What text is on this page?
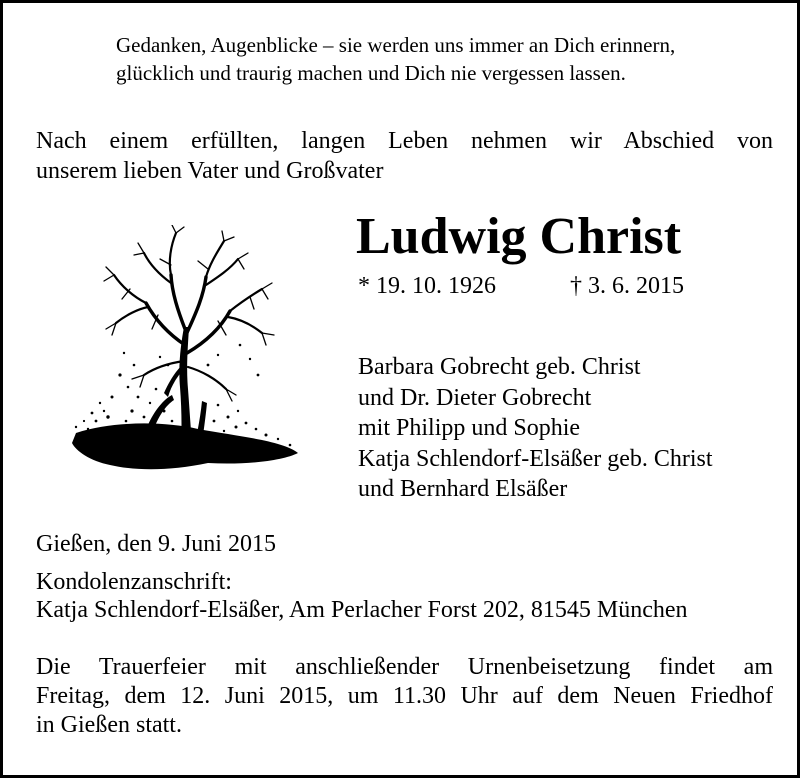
Gedanken, Augenblicke – sie werden uns immer an Dich erinnern,
glücklich und traurig machen und Dich nie vergessen lassen.
Nach einem erfüllten, langen Leben nehmen wir Abschied von
unserem lieben Vater und Großvater
Ludwig Christ
* 19. 10. 1926	† 3. 6. 2015
Barbara Gobrecht geb. Christ
und Dr. Dieter Gobrecht
mit Philipp und Sophie
Katja Schlendorf-Elsäßer geb. Christ
und Bernhard Elsäßer
Gießen, den 9. Juni 2015
Kondolenzanschrift:
Katja Schlendorf-Elsäßer, Am Perlacher Forst 202, 81545 München
Die Trauerfeier mit anschließender Urnenbeisetzung findet am
Freitag, dem 12. Juni 2015, um 11.30 Uhr auf dem Neuen Friedhof
in Gießen statt.
